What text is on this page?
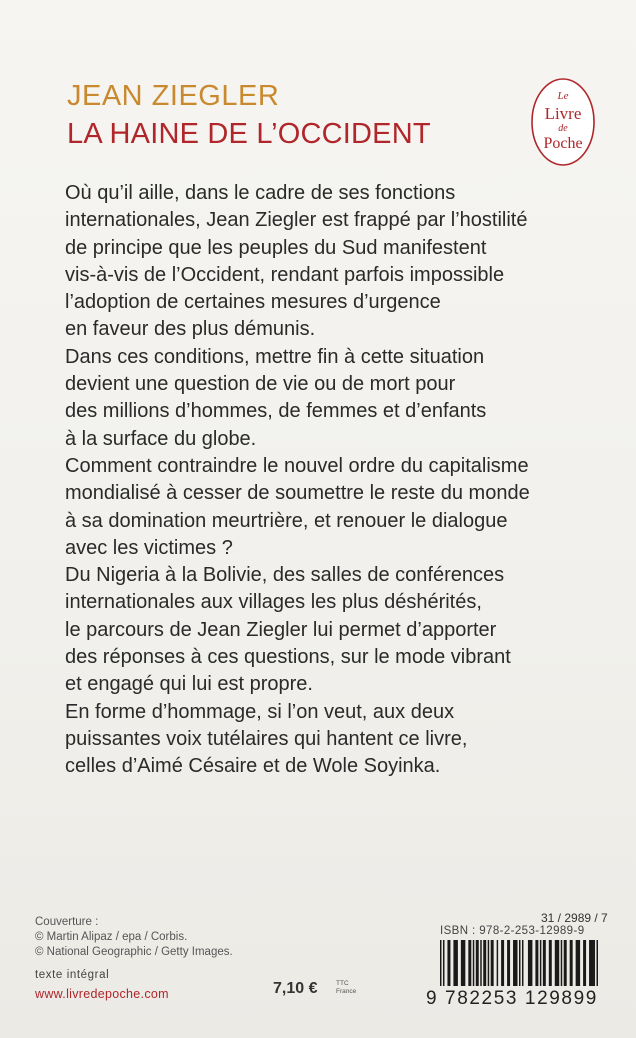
JEAN ZIEGLER
LA HAINE DE L’OCCIDENT
Le
Livre
de
Poche

Où qu’il aille, dans le cadre de ses fonctions
internationales, Jean Ziegler est frappé par l’hostilité
de principe que les peuples du Sud manifestent
vis-à-vis de l’Occident, rendant parfois impossible
l’adoption de certaines mesures d’urgence
en faveur des plus démunis.

Dans ces conditions, mettre fin à cette situation
devient une question de vie ou de mort pour
des millions d’hommes, de femmes et d’enfants
à la surface du globe.

Comment contraindre le nouvel ordre du capitalisme
mondialisé à cesser de soumettre le reste du monde
à sa domination meurtrière, et renouer le dialogue
avec les victimes ?

Du Nigeria à la Bolivie, des salles de conférences
internationales aux villages les plus déshérités,
le parcours de Jean Ziegler lui permet d’apporter
des réponses à ces questions, sur le mode vibrant
et engagé qui lui est propre.

En forme d’hommage, si l’on veut, aux deux
puissantes voix tutélaires qui hantent ce livre,
celles d’Aimé Césaire et de Wole Soyinka.

Couverture :
© Martin Alipaz / epa / Corbis.
© National Geographic / Getty Images.
texte intégral
www.livredepoche.com	7,10 €	TTC
France
31 / 2989 / 7
ISBN : 978-2-253-12989-9
9 782253 129899
